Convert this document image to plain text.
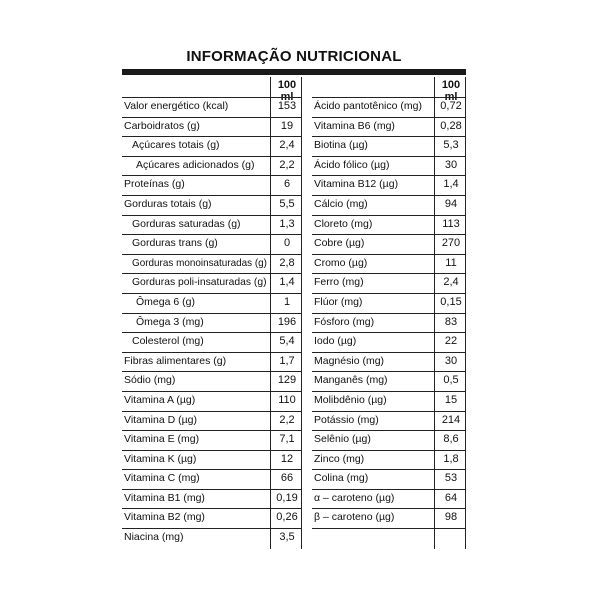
INFORMAÇÃO NUTRICIONAL
100 ml
Valor energético (kcal)	153
Carboidratos (g)	19
Açúcares totais (g)	2,4
Açúcares adicionados (g)	2,2
Proteínas (g)	6
Gorduras totais (g)	5,5
Gorduras saturadas (g)	1,3
Gorduras trans (g)	0
Gorduras monoinsaturadas (g)	2,8
Gorduras poli-insaturadas (g)	1,4
Ômega 6 (g)	1
Ômega 3 (mg)	196
Colesterol (mg)	5,4
Fibras alimentares (g)	1,7
Sódio (mg)	129
Vitamina A (µg)	110
Vitamina D (µg)	2,2
Vitamina E (mg)	7,1
Vitamina K (µg)	12
Vitamina C (mg)	66
Vitamina B1 (mg)	0,19
Vitamina B2 (mg)	0,26
Niacina (mg)	3,5
100 ml
Ácido pantotênico (mg)	0,72
Vitamina B6 (mg)	0,28
Biotina (µg)	5,3
Ácido fólico (µg)	30
Vitamina B12 (µg)	1,4
Cálcio (mg)	94
Cloreto (mg)	113
Cobre (µg)	270
Cromo (µg)	11
Ferro (mg)	2,4
Flúor (mg)	0,15
Fósforo (mg)	83
Iodo (µg)	22
Magnésio (mg)	30
Manganês (mg)	0,5
Molibdênio (µg)	15
Potássio (mg)	214
Selênio (µg)	8,6
Zinco (mg)	1,8
Colina (mg)	53
α – caroteno (µg)	64
β – caroteno (µg)	98
